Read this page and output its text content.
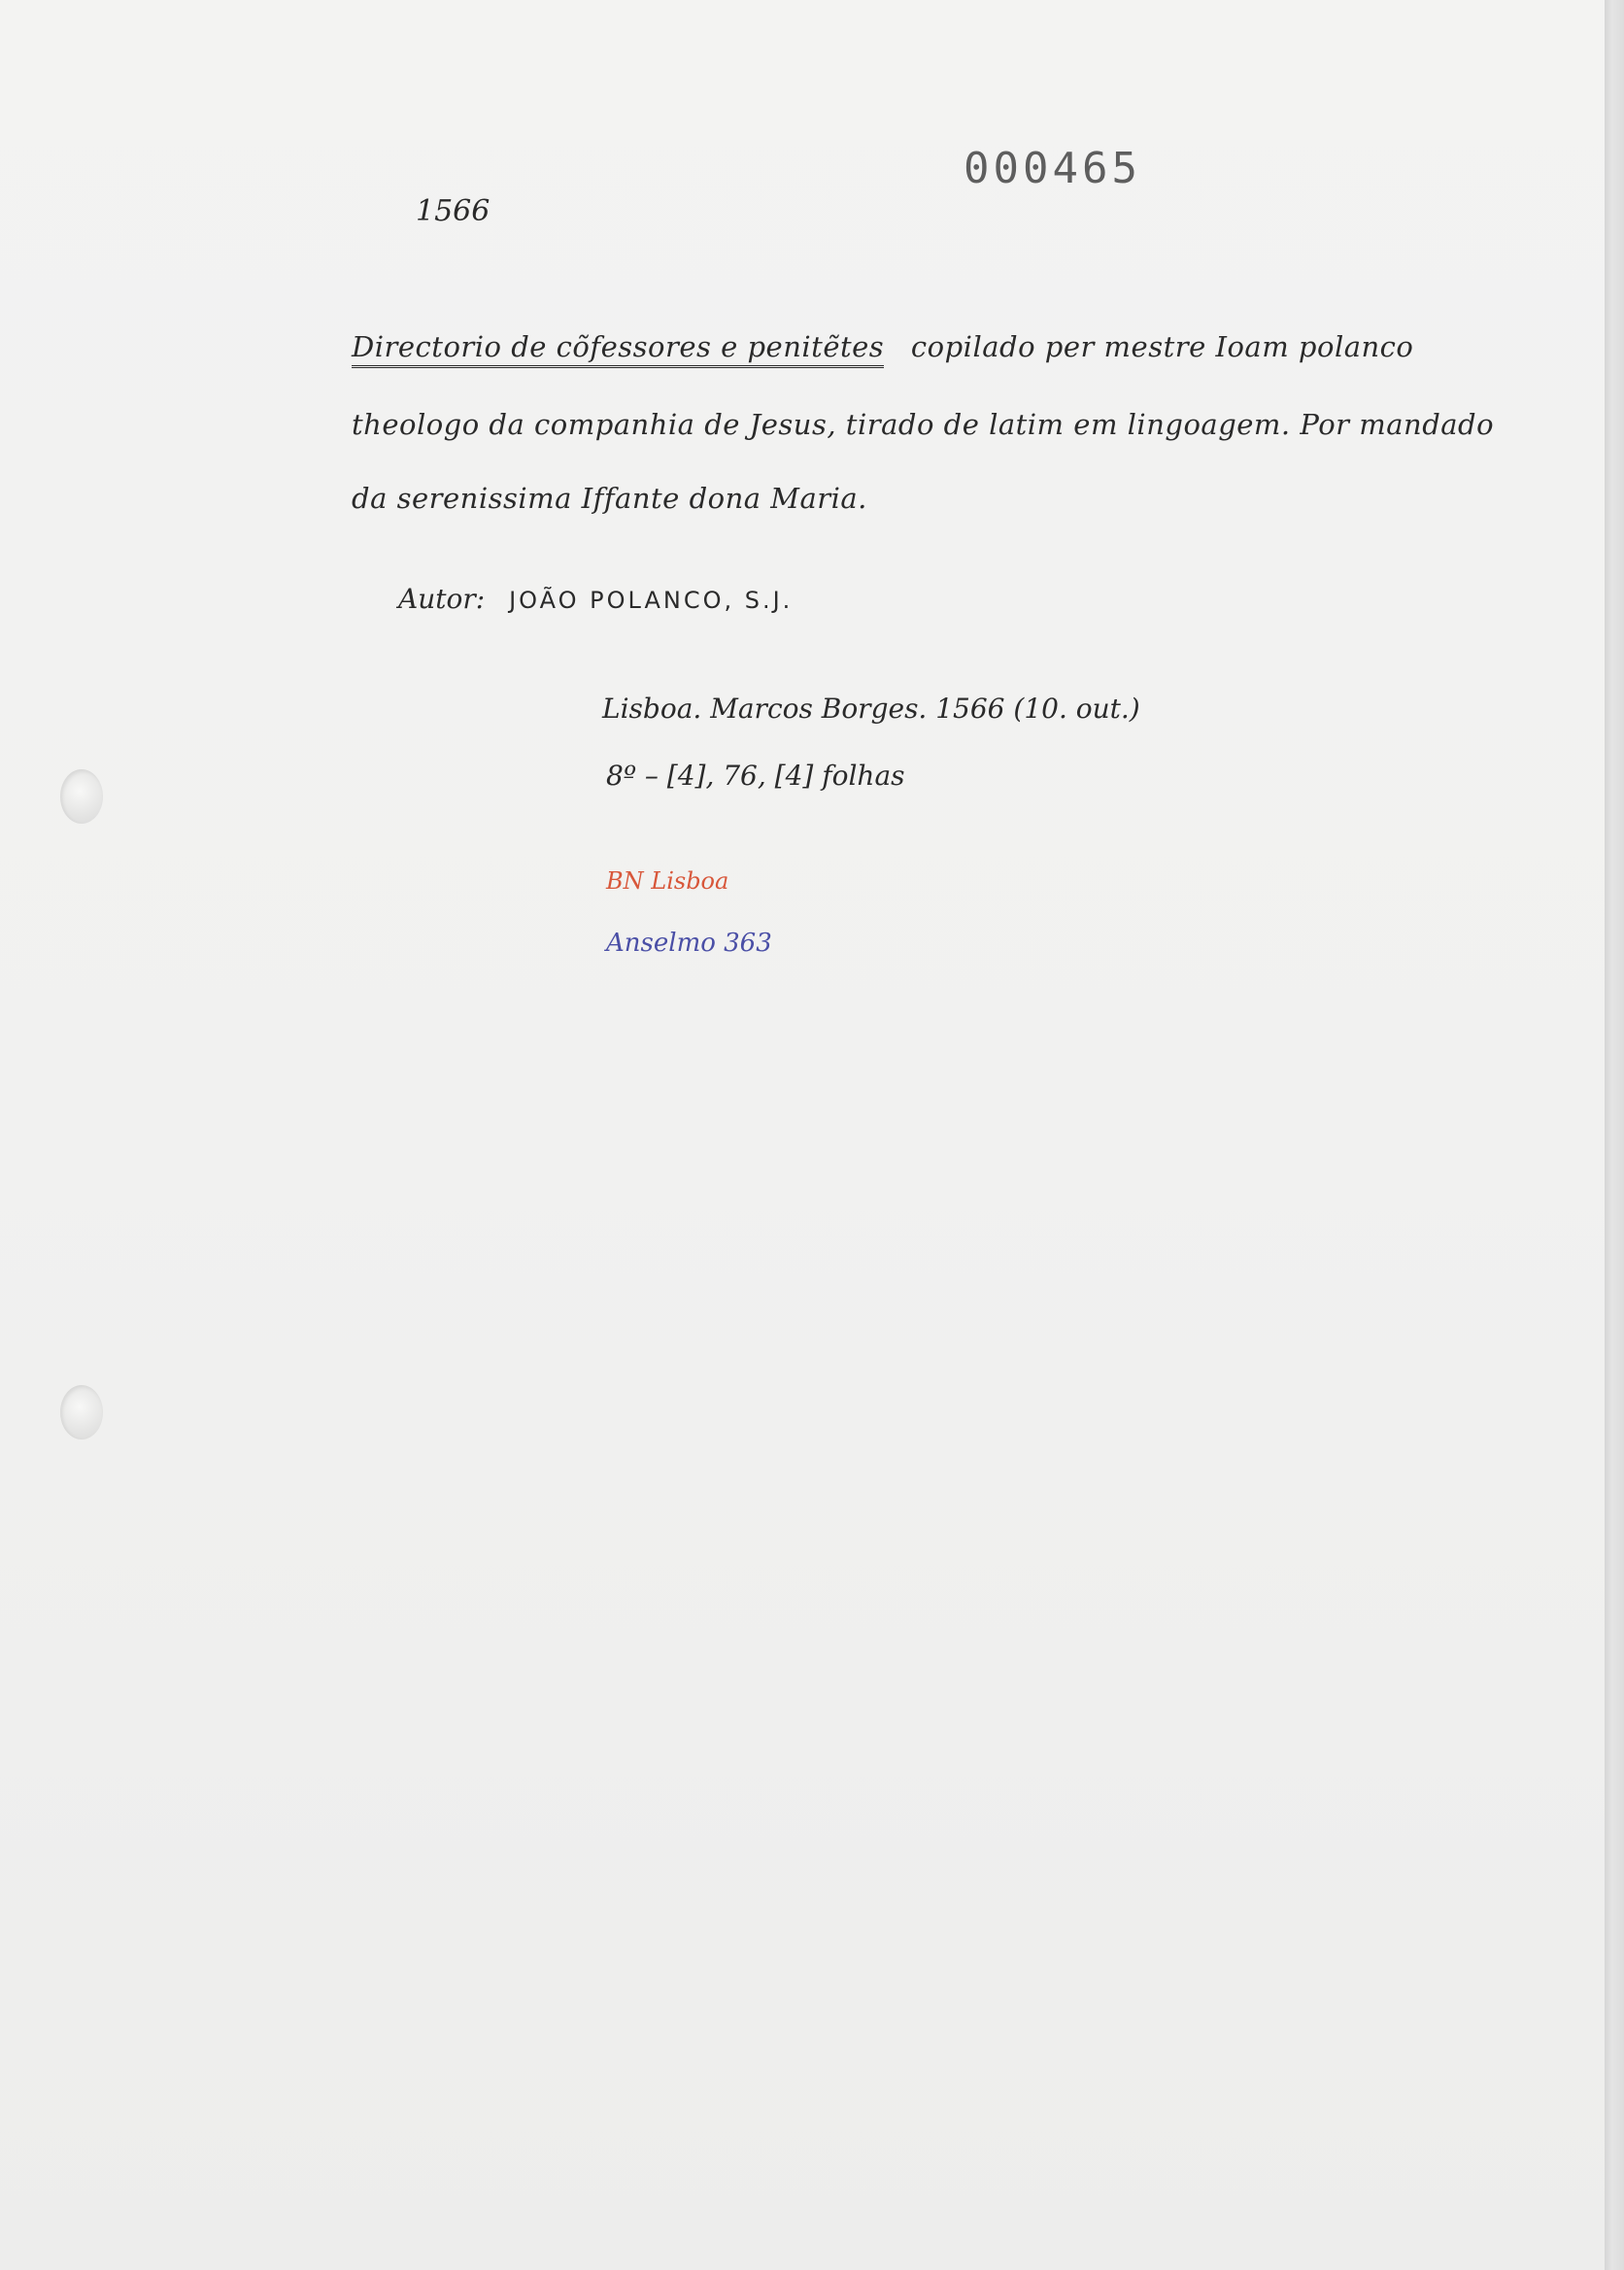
000465
1566
Directorio de cõfessores e penitẽtes copilado per mestre Ioam polanco
theologo da companhia de Jesus, tirado de latim em lingoagem. Por mandado
da serenissima Iffante dona Maria.
Autor: JOÃO POLANCO, S.J.
Lisboa. Marcos Borges. 1566 (10. out.)
8º – [4], 76, [4] folhas
BN Lisboa
Anselmo 363
